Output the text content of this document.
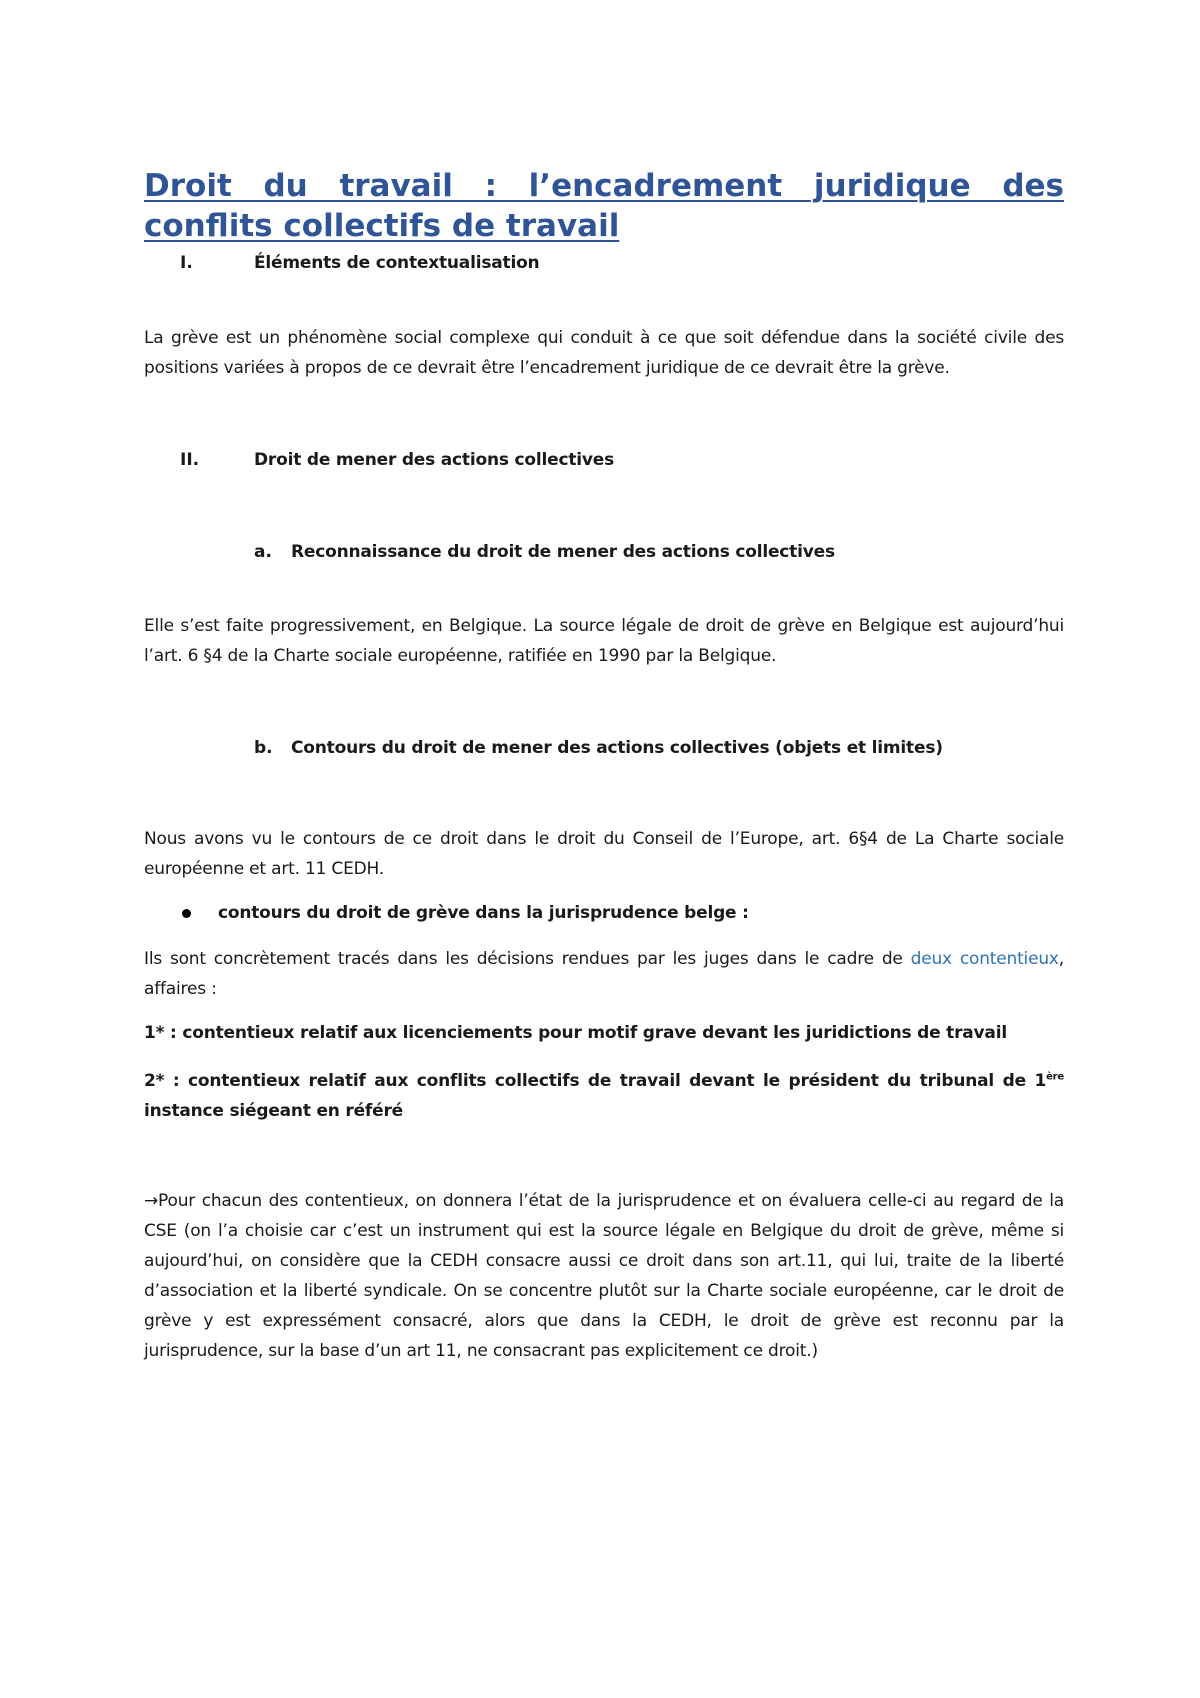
Droit du travail : l’encadrement juridique des
conflits collectifs de travail
I.	Éléments de contextualisation

La grève est un phénomène social complexe qui conduit à ce que soit défendue dans la société civile des positions variées à propos de ce devrait être l’encadrement juridique de ce devrait être la grève.

II.	Droit de mener des actions collectives
a. Reconnaissance du droit de mener des actions collectives

Elle s’est faite progressivement, en Belgique. La source légale de droit de grève en Belgique est aujourd’hui l’art. 6 §4 de la Charte sociale européenne, ratifiée en 1990 par la Belgique.

b. Contours du droit de mener des actions collectives (objets et limites)

Nous avons vu le contours de ce droit dans le droit du Conseil de l’Europe, art. 6§4 de La Charte sociale européenne et art. 11 CEDH.

contours du droit de grève dans la jurisprudence belge :

Ils sont concrètement tracés dans les décisions rendues par les juges dans le cadre de deux contentieux, affaires :

1* : contentieux relatif aux licenciements pour motif grave devant les juridictions de travail

2* : contentieux relatif aux conflits collectifs de travail devant le président du tribunal de 1ère instance siégeant en référé

→Pour chacun des contentieux, on donnera l’état de la jurisprudence et on évaluera celle-ci au regard de la CSE (on l’a choisie car c’est un instrument qui est la source légale en Belgique du droit de grève, même si aujourd’hui, on considère que la CEDH consacre aussi ce droit dans son art.11, qui lui, traite de la liberté d’association et la liberté syndicale. On se concentre plutôt sur la Charte sociale européenne, car le droit de grève y est expressément consacré, alors que dans la CEDH, le droit de grève est reconnu par la jurisprudence, sur la base d’un art 11, ne consacrant pas explicitement ce droit.)
